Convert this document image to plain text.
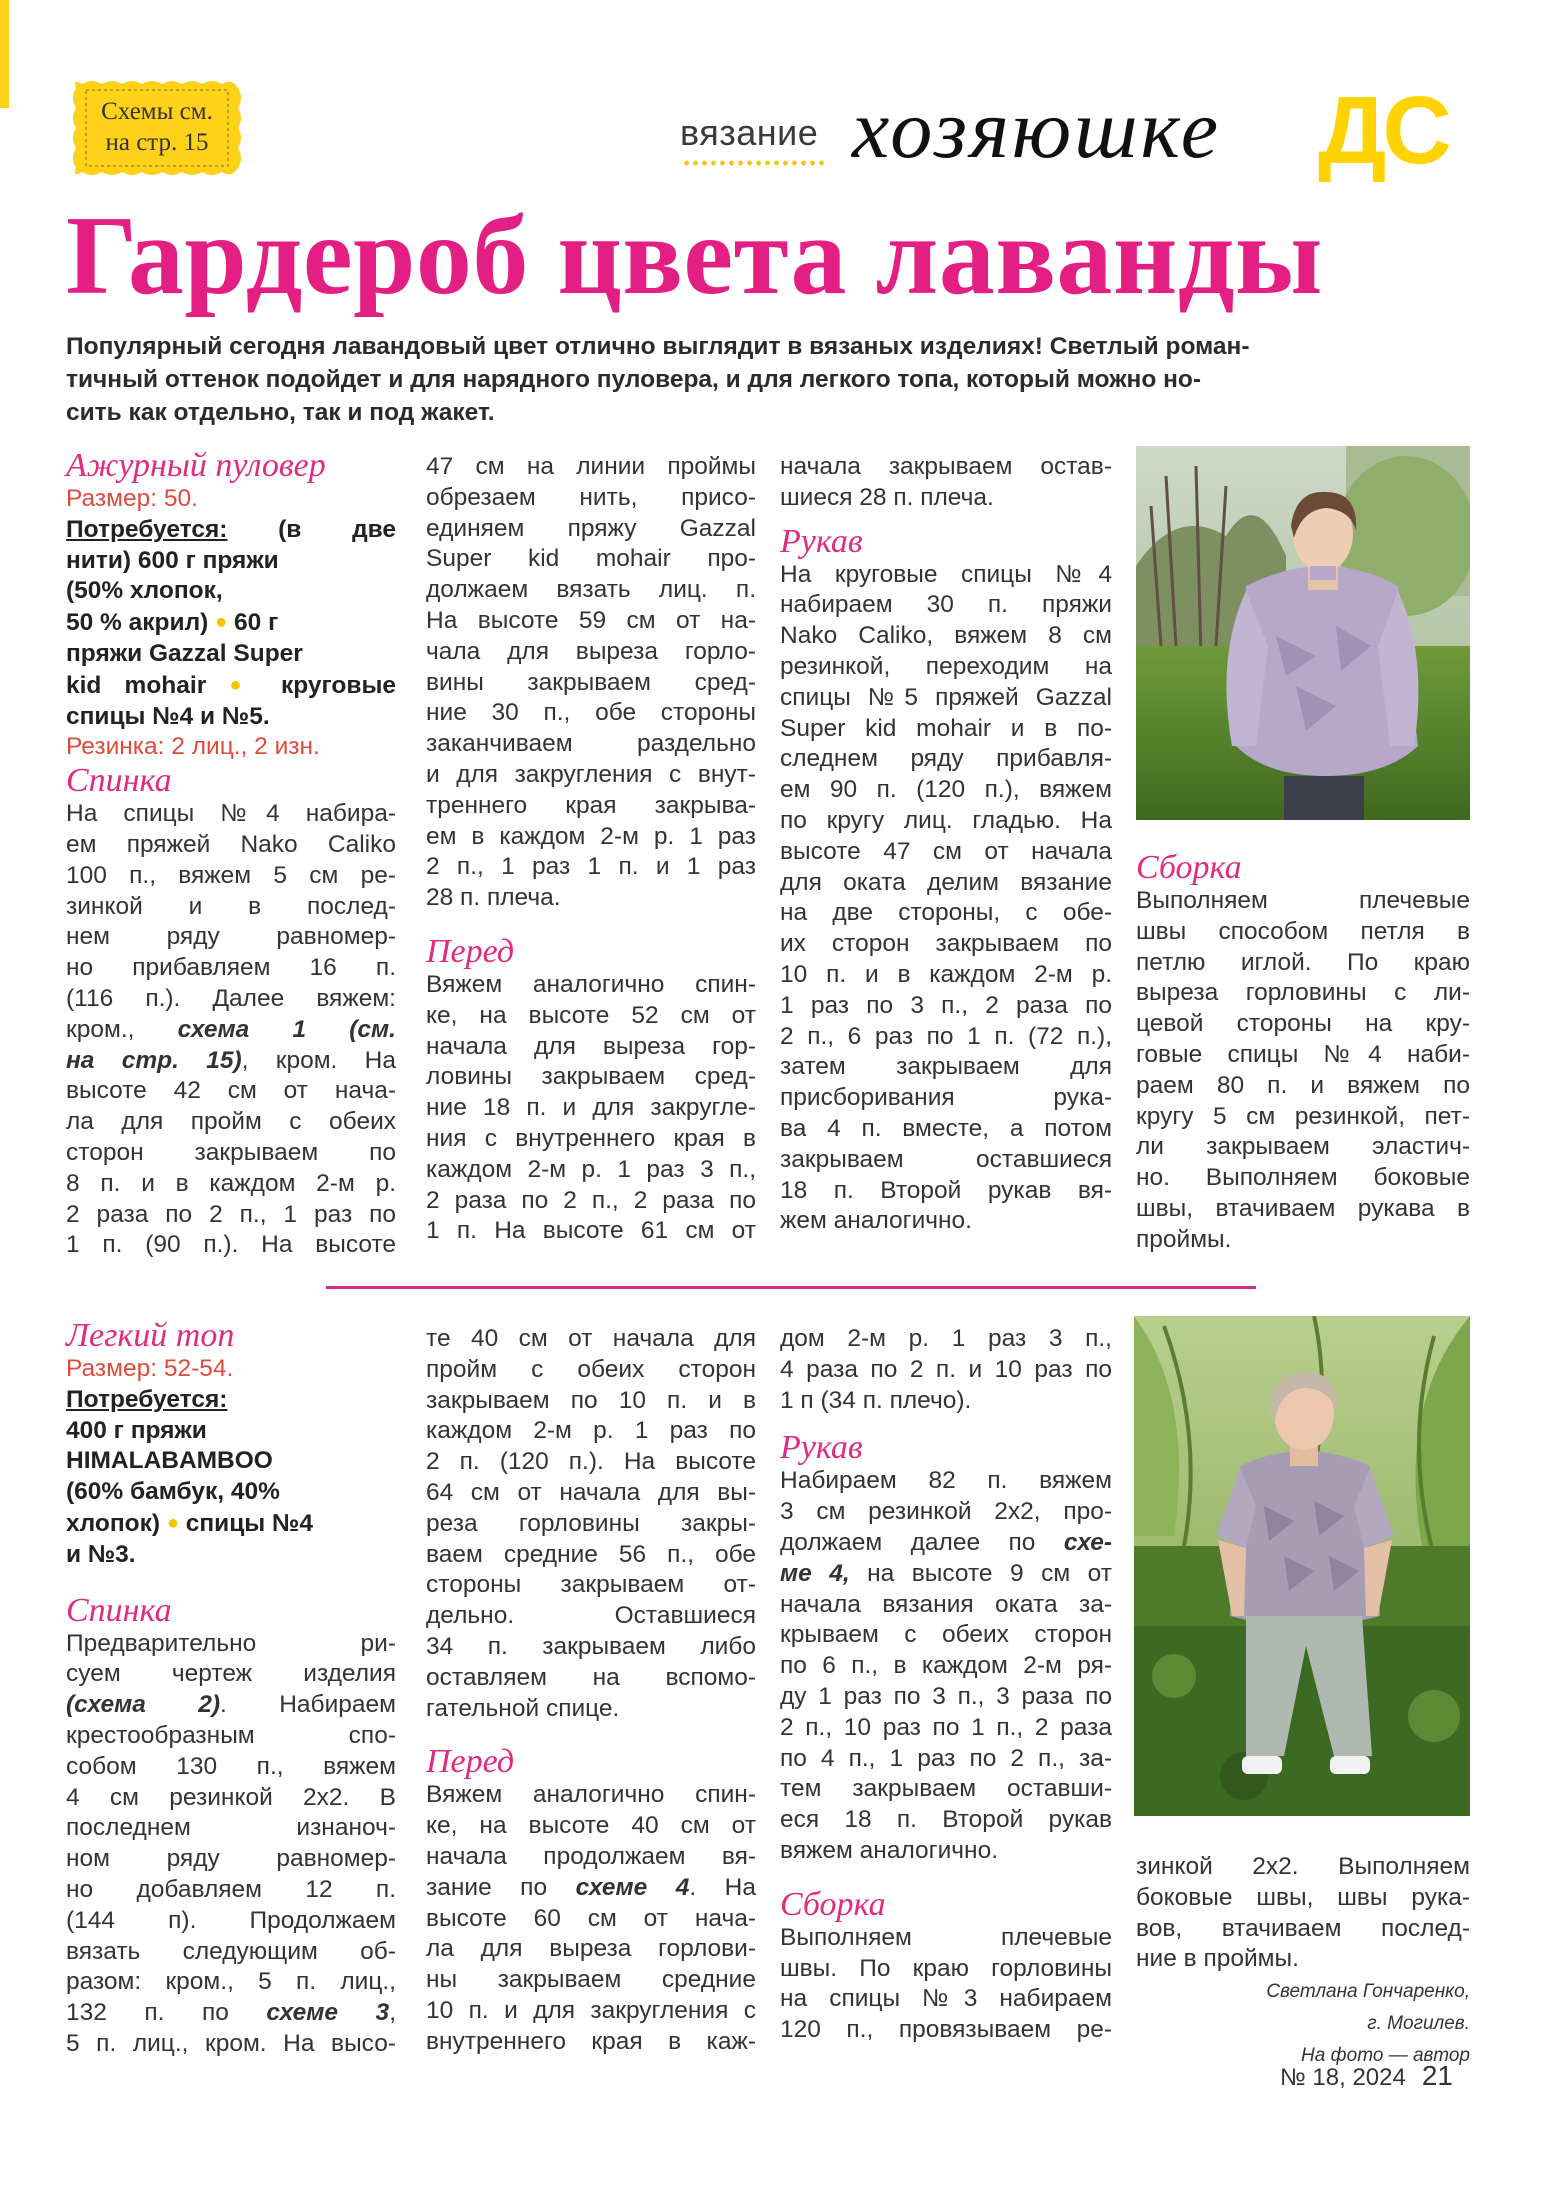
Схемы см.
на стр. 15	вязание хозяюшке ДС
Гардероб цвета лаванды
Популярный сегодня лавандовый цвет отлично выглядит в вязаных изделиях! Светлый роман-
тичный оттенок подойдет и для нарядного пуловера, и для легкого топа, который можно но-
сить как отдельно, так и под жакет.
Ажурный пуловер
Размер: 50.
Потребуется: (в две
нити) 600 г пряжи
(50% хлопок,
50 % акрил) ● 60 г
пряжи Gazzal Super
kid mohair ● круговые
спицы №4 и №5.
Резинка: 2 лиц., 2 изн.
Спинка
На спицы №4 набира-
ем пряжей Nako Caliko
100 п., вяжем 5 см ре-
зинкой и в послед-
нем ряду равномер-
но прибавляем 16 п.
(116 п.). Далее вяжем:
кром., схема 1 (см.
на стр. 15), кром. На
высоте 42 см от нача-
ла для пройм с обеих
сторон закрываем по
8 п. и в каждом 2-м р.
2 раза по 2 п., 1 раз по
1 п. (90 п.). На высоте
47 см на линии проймы
обрезаем нить, присо-
единяем пряжу Gazzal
Super kid mohair про-
должаем вязать лиц. п.
На высоте 59 см от на-
чала для выреза горло-
вины закрываем сред-
ние 30 п., обе стороны
заканчиваем раздельно
и для закругления с внут-
треннего края закрыва-
ем в каждом 2-м р. 1 раз
2 п., 1 раз 1 п. и 1 раз
28 п. плеча.
Перед
Вяжем аналогично спин-
ке, на высоте 52 см от
начала для выреза гор-
ловины закрываем сред-
ние 18 п. и для закругле-
ния с внутреннего края в
каждом 2-м р. 1 раз 3 п.,
2 раза по 2 п., 2 раза по
1 п. На высоте 61 см от
начала закрываем остав-
шиеся 28 п. плеча.
Рукав
На круговые спицы №4
набираем 30 п. пряжи
Nako Caliko, вяжем 8 см
резинкой, переходим на
спицы №5 пряжей Gazzal
Super kid mohair и в по-
следнем ряду прибавля-
ем 90 п. (120 п.), вяжем
по кругу лиц. гладью. На
высоте 47 см от начала
для оката делим вязание
на две стороны, с обе-
их сторон закрываем по
10 п. и в каждом 2-м р.
1 раз по 3 п., 2 раза по
2 п., 6 раз по 1 п. (72 п.),
затем закрываем для
присборивания рука-
ва 4 п. вместе, а потом
закрываем оставшиеся
18 п. Второй рукав вя-
жем аналогично.
Сборка
Выполняем плечевые
швы способом петля в
петлю иглой. По краю
выреза горловины с ли-
цевой стороны на кру-
говые спицы №4 наби-
раем 80 п. и вяжем по
кругу 5 см резинкой, пет-
ли закрываем эластич-
но. Выполняем боковые
швы, втачиваем рукава в
проймы.
Легкий топ
Размер: 52-54.
Потребуется:
400 г пряжи
HIMALABAMBOO
(60% бамбук, 40%
хлопок) ● спицы №4
и №3.
Спинка
Предварительно ри-
суем чертеж изделия
(схема 2). Набираем
крестообразным спо-
собом 130 п., вяжем
4 см резинкой 2х2. В
последнем изнаноч-
ном ряду равномер-
но добавляем 12 п.
(144 п). Продолжаем
вязать следующим об-
разом: кром., 5 п. лиц.,
132 п. по схеме 3,
5 п. лиц., кром. На высо-
те 40 см от начала для
пройм с обеих сторон
закрываем по 10 п. и в
каждом 2-м р. 1 раз по
2 п. (120 п.). На высоте
64 см от начала для вы-
реза горловины закры-
ваем средние 56 п., обе
стороны закрываем от-
дельно. Оставшиеся
34 п. закрываем либо
оставляем на вспомо-
гательной спице.
Перед
Вяжем аналогично спин-
ке, на высоте 40 см от
начала продолжаем вя-
зание по схеме 4. На
высоте 60 см от нача-
ла для выреза горлови-
ны закрываем средние
10 п. и для закругления с
внутреннего края в каж-
дом 2-м р. 1 раз 3 п.,
4 раза по 2 п. и 10 раз по
1 п (34 п. плечо).
Рукав
Набираем 82 п. вяжем
3 см резинкой 2х2, про-
должаем далее по схе-
ме 4, на высоте 9 см от
начала вязания оката за-
крываем с обеих сторон
по 6 п., в каждом 2-м ря-
ду 1 раз по 3 п., 3 раза по
2 п., 10 раз по 1 п., 2 раза
по 4 п., 1 раз по 2 п., за-
тем закрываем оставши-
еся 18 п. Второй рукав
вяжем аналогично.
Сборка
Выполняем плечевые
швы. По краю горловины
на спицы №3 набираем
120 п., провязываем ре-
зинкой 2х2. Выполняем
боковые швы, швы рука-
вов, втачиваем послед-
ние в проймы.
Светлана Гончаренко,
г. Могилев.
На фото — автор
№ 18, 2024 21
